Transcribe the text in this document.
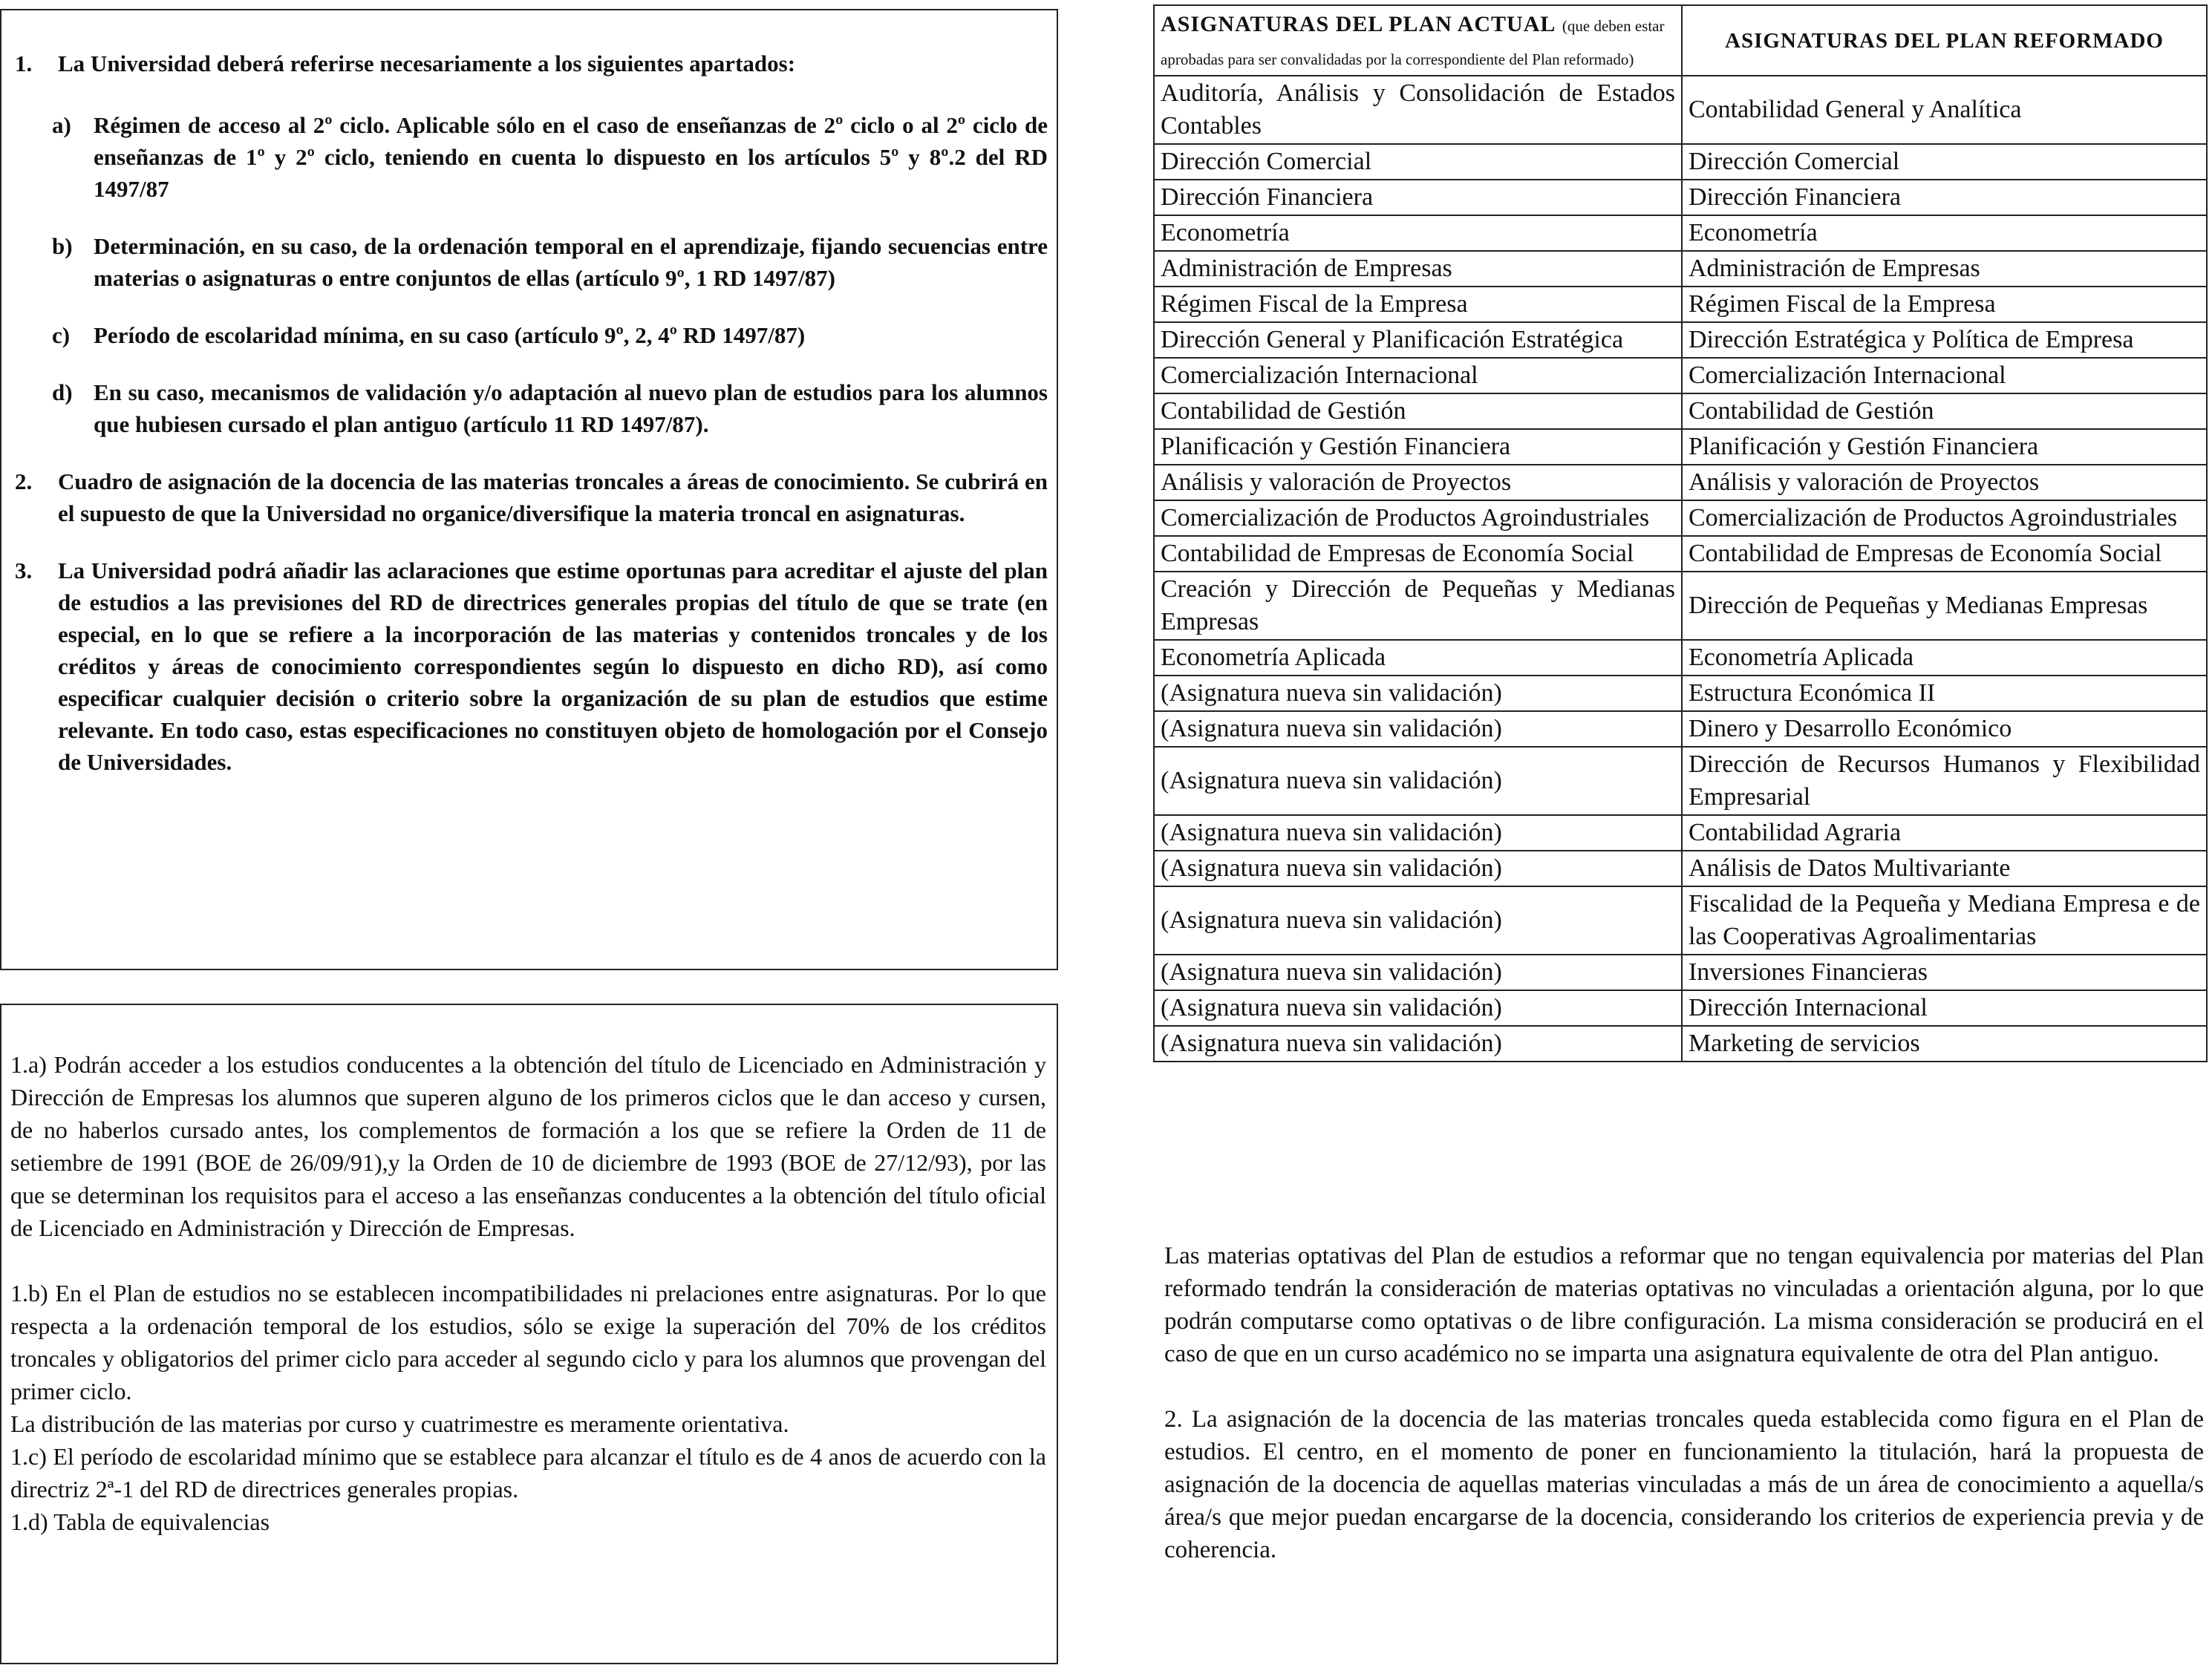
1.	La Universidad deberá referirse necesariamente a los siguientes apartados:
a) Régimen de acceso al 2º ciclo. Aplicable sólo en el caso de enseñanzas de 2º ciclo o al 2º ciclo de enseñanzas de 1º y 2º ciclo, teniendo en cuenta lo dispuesto en los artículos 5º y 8º.2 del RD 1497/87
b) Determinación, en su caso, de la ordenación temporal en el aprendizaje, fijando secuencias entre materias o asignaturas o entre conjuntos de ellas (artículo 9º, 1 RD 1497/87)
c)	Período de escolaridad mínima, en su caso (artículo 9º, 2, 4º RD 1497/87)
d) En su caso, mecanismos de validación y/o adaptación al nuevo plan de estudios para los alumnos que hubiesen cursado el plan antiguo (artículo 11 RD 1497/87).
2.	Cuadro de asignación de la docencia de las materias troncales a áreas de conocimiento. Se cubrirá en el supuesto de que la Universidad no organice/diversifique la materia troncal en asignaturas.
3.	La Universidad podrá añadir las aclaraciones que estime oportunas para acreditar el ajuste del plan de estudios a las previsiones del RD de directrices generales propias del título de que se trate (en especial, en lo que se refiere a la incorporación de las materias y contenidos troncales y de los créditos y áreas de conocimiento correspondientes según lo dispuesto en dicho RD), así como especificar cualquier decisión o criterio sobre la organización de su plan de estudios que estime relevante. En todo caso, estas especificaciones no constituyen objeto de homologación por el Consejo de Universidades.

1.a) Podrán acceder a los estudios conducentes a la obtención del título de Licenciado en Administración y Dirección de Empresas los alumnos que superen alguno de los primeros ciclos que le dan acceso y cursen, de no haberlos cursado antes, los complementos de formación a los que se refiere la Orden de 11 de setiembre de 1991 (BOE de 26/09/91),y la Orden de 10 de diciembre de 1993 (BOE de 27/12/93), por las que se determinan los requisitos para el acceso a las enseñanzas conducentes a la obtención del título oficial de Licenciado en Administración y Dirección de Empresas.

1.b) En el Plan de estudios no se establecen incompatibilidades ni prelaciones entre asignaturas. Por lo que respecta a la ordenación temporal de los estudios, sólo se exige la superación del 70% de los créditos troncales y obligatorios del primer ciclo para acceder al segundo ciclo y para los alumnos que provengan del primer ciclo.

La distribución de las materias por curso y cuatrimestre es meramente orientativa.

1.c) El período de escolaridad mínimo que se establece para alcanzar el título es de 4 anos de acuerdo con la directriz 2ª-1 del RD de directrices generales propias.

1.d) Tabla de equivalencias

ASIGNATURAS DEL PLAN ACTUAL (que deben estar aprobadas para ser convalidadas por la correspondiente del Plan reformado)	ASIGNATURAS DEL PLAN REFORMADO
Auditoría, Análisis y Consolidación de Estados Contables	Contabilidad General y Analítica
Dirección Comercial	Dirección Comercial
Dirección Financiera	Dirección Financiera
Econometría	Econometría
Administración de Empresas	Administración de Empresas
Régimen Fiscal de la Empresa	Régimen Fiscal de la Empresa
Dirección General y Planificación Estratégica	Dirección Estratégica y Política de Empresa
Comercialización Internacional	Comercialización Internacional
Contabilidad de Gestión	Contabilidad de Gestión
Planificación y Gestión Financiera	Planificación y Gestión Financiera
Análisis y valoración de Proyectos	Análisis y valoración de Proyectos
Comercialización de Productos Agroindustriales	Comercialización de Productos Agroindustriales
Contabilidad de Empresas de Economía Social	Contabilidad de Empresas de Economía Social
Creación y Dirección de Pequeñas y Medianas Empresas	Dirección de Pequeñas y Medianas Empresas
Econometría Aplicada	Econometría Aplicada
(Asignatura nueva sin validación)	Estructura Económica II
(Asignatura nueva sin validación)	Dinero y Desarrollo Económico
(Asignatura nueva sin validación)	Dirección de Recursos Humanos y Flexibilidad Empresarial
(Asignatura nueva sin validación)	Contabilidad Agraria
(Asignatura nueva sin validación)	Análisis de Datos Multivariante
(Asignatura nueva sin validación)	Fiscalidad de la Pequeña y Mediana Empresa e de las Cooperativas Agroalimentarias
(Asignatura nueva sin validación)	Inversiones Financieras
(Asignatura nueva sin validación)	Dirección Internacional
(Asignatura nueva sin validación)	Marketing de servicios

Las materias optativas del Plan de estudios a reformar que no tengan equivalencia por materias del Plan reformado tendrán la consideración de materias optativas no vinculadas a orientación alguna, por lo que podrán computarse como optativas o de libre configuración. La misma consideración se producirá en el caso de que en un curso académico no se imparta una asignatura equivalente de otra del Plan antiguo.

2. La asignación de la docencia de las materias troncales queda establecida como figura en el Plan de estudios. El centro, en el momento de poner en funcionamiento la titulación, hará la propuesta de asignación de la docencia de aquellas materias vinculadas a más de un área de conocimiento a aquella/s área/s que mejor puedan encargarse de la docencia, considerando los criterios de experiencia previa y de coherencia.
